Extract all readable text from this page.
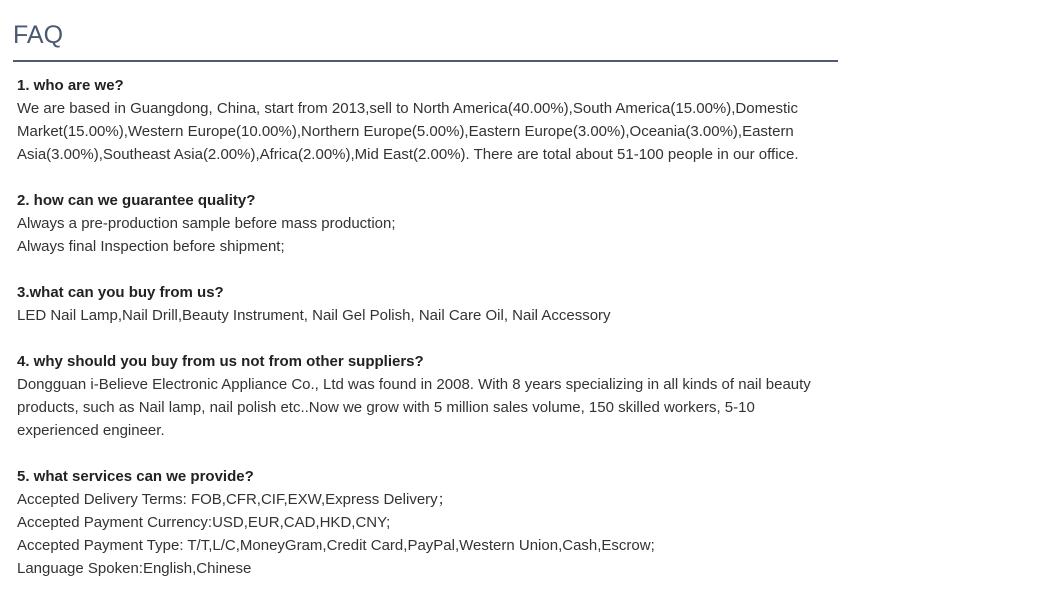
FAQ

1. who are we?

We are based in Guangdong, China, start from 2013,sell to North America(40.00%),South America(15.00%),Domestic Market(15.00%),Western Europe(10.00%),Northern Europe(5.00%),Eastern Europe(3.00%),Oceania(3.00%),Eastern Asia(3.00%),Southeast Asia(2.00%),Africa(2.00%),Mid East(2.00%). There are total about 51-100 people in our office.

2. how can we guarantee quality?

Always a pre-production sample before mass production;

Always final Inspection before shipment;

3.what can you buy from us?

LED Nail Lamp,Nail Drill,Beauty Instrument, Nail Gel Polish, Nail Care Oil, Nail Accessory

4. why should you buy from us not from other suppliers?

Dongguan i-Believe Electronic Appliance Co., Ltd was found in 2008. With 8 years specializing in all kinds of nail beauty products, such as Nail lamp, nail polish etc..Now we grow with 5 million sales volume, 150 skilled workers, 5-10 experienced engineer.

5. what services can we provide?

Accepted Delivery Terms: FOB,CFR,CIF,EXW,Express Delivery；

Accepted Payment Currency:USD,EUR,CAD,HKD,CNY;

Accepted Payment Type: T/T,L/C,MoneyGram,Credit Card,PayPal,Western Union,Cash,Escrow;

Language Spoken:English,Chinese
